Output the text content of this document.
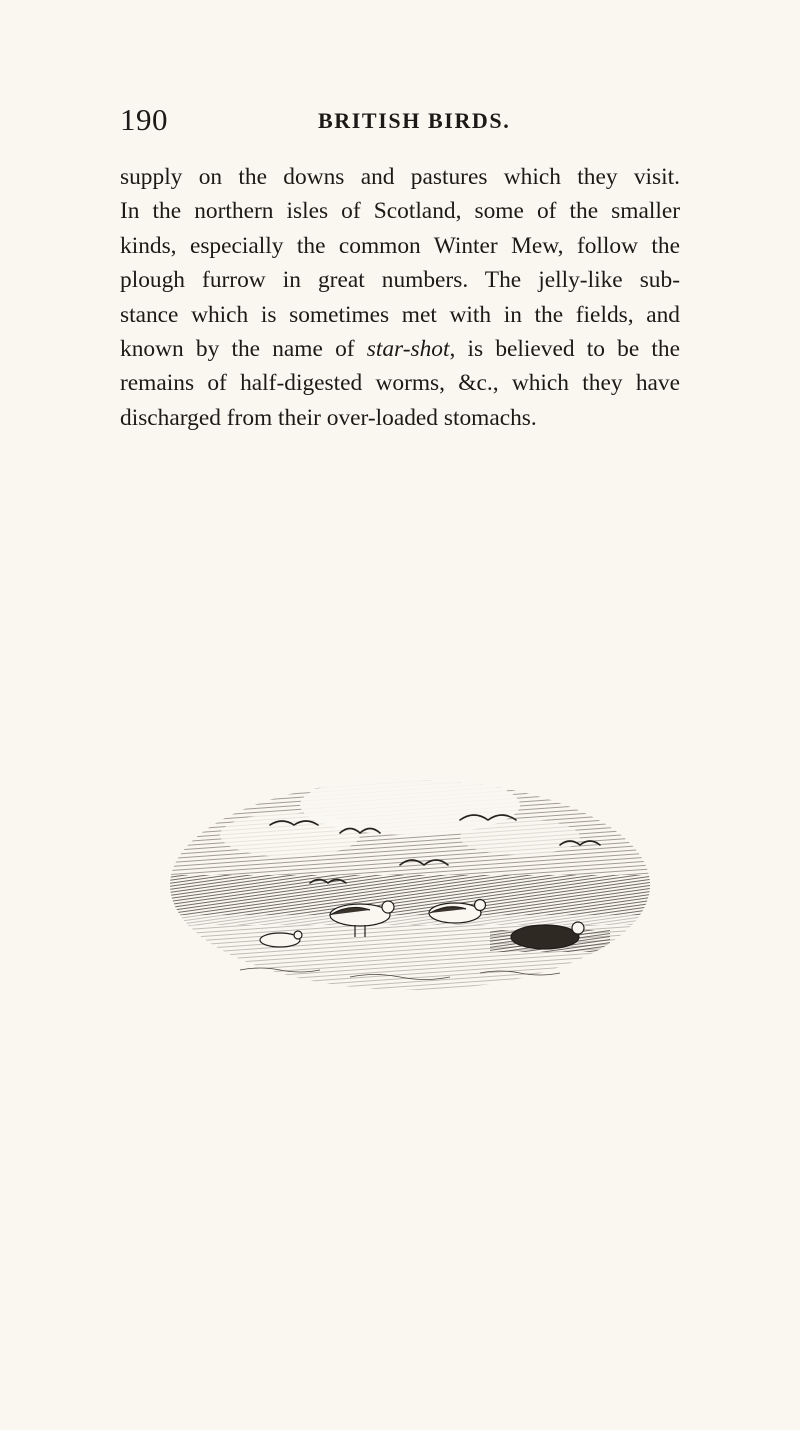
190	BRITISH BIRDS.
supply on the downs and pastures which they visit.
In the northern isles of Scotland, some of the smaller
kinds, especially the common Winter Mew, follow the
plough furrow in great numbers. The jelly-like sub-
stance which is sometimes met with in the fields, and
known by the name of star-shot, is believed to be the
remains of half-digested worms, &c., which they have
discharged from their over-loaded stomachs.
